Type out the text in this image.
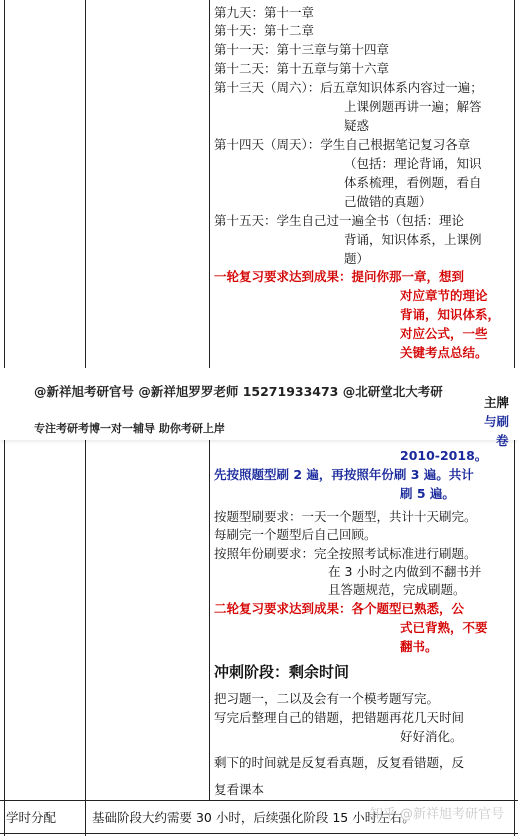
第九天：第十一章
第十天：第十二章
第十一天：第十三章与第十四章
第十二天：第十五章与第十六章
第十三天（周六）：后五章知识体系内容过一遍；
上课例题再讲一遍；解答
疑惑
第十四天（周天）：学生自己根据笔记复习各章
（包括：理论背诵，知识
体系梳理，看例题，看自
己做错的真题）
第十五天：学生自己过一遍全书（包括：理论
背诵，知识体系，上课例
题）
一轮复习要求达到成果：提问你那一章，想到
对应章节的理论
背诵，知识体系，
对应公式，一些
关键考点总结。
2010-2018。
先按照题型刷 2 遍，再按照年份刷 3 遍。共计
刷 5 遍。
按题型刷要求：一天一个题型，共计十天刷完。
每刷完一个题型后自己回顾。
按照年份刷要求：完全按照考试标准进行刷题。
在 3 小时之内做到不翻书并
且答题规范，完成刷题。
二轮复习要求达到成果：各个题型已熟悉，公
式已背熟，不要
翻书。
冲刺阶段：剩余时间
把习题一，二以及会有一个模考题写完。
写完后整理自己的错题，把错题再花几天时间
好好消化。
剩下的时间就是反复看真题，反复看错题，反
复看课本
@新祥旭考研官号 @新祥旭罗罗老师 15271933473 @北研堂北大考研
专注考研考博一对一辅导 助你考研上岸
主牌
与刷
卷
学时分配	基础阶段大约需要 30 小时，后续强化阶段 15 小时左右。
知乎 @新祥旭考研官号
